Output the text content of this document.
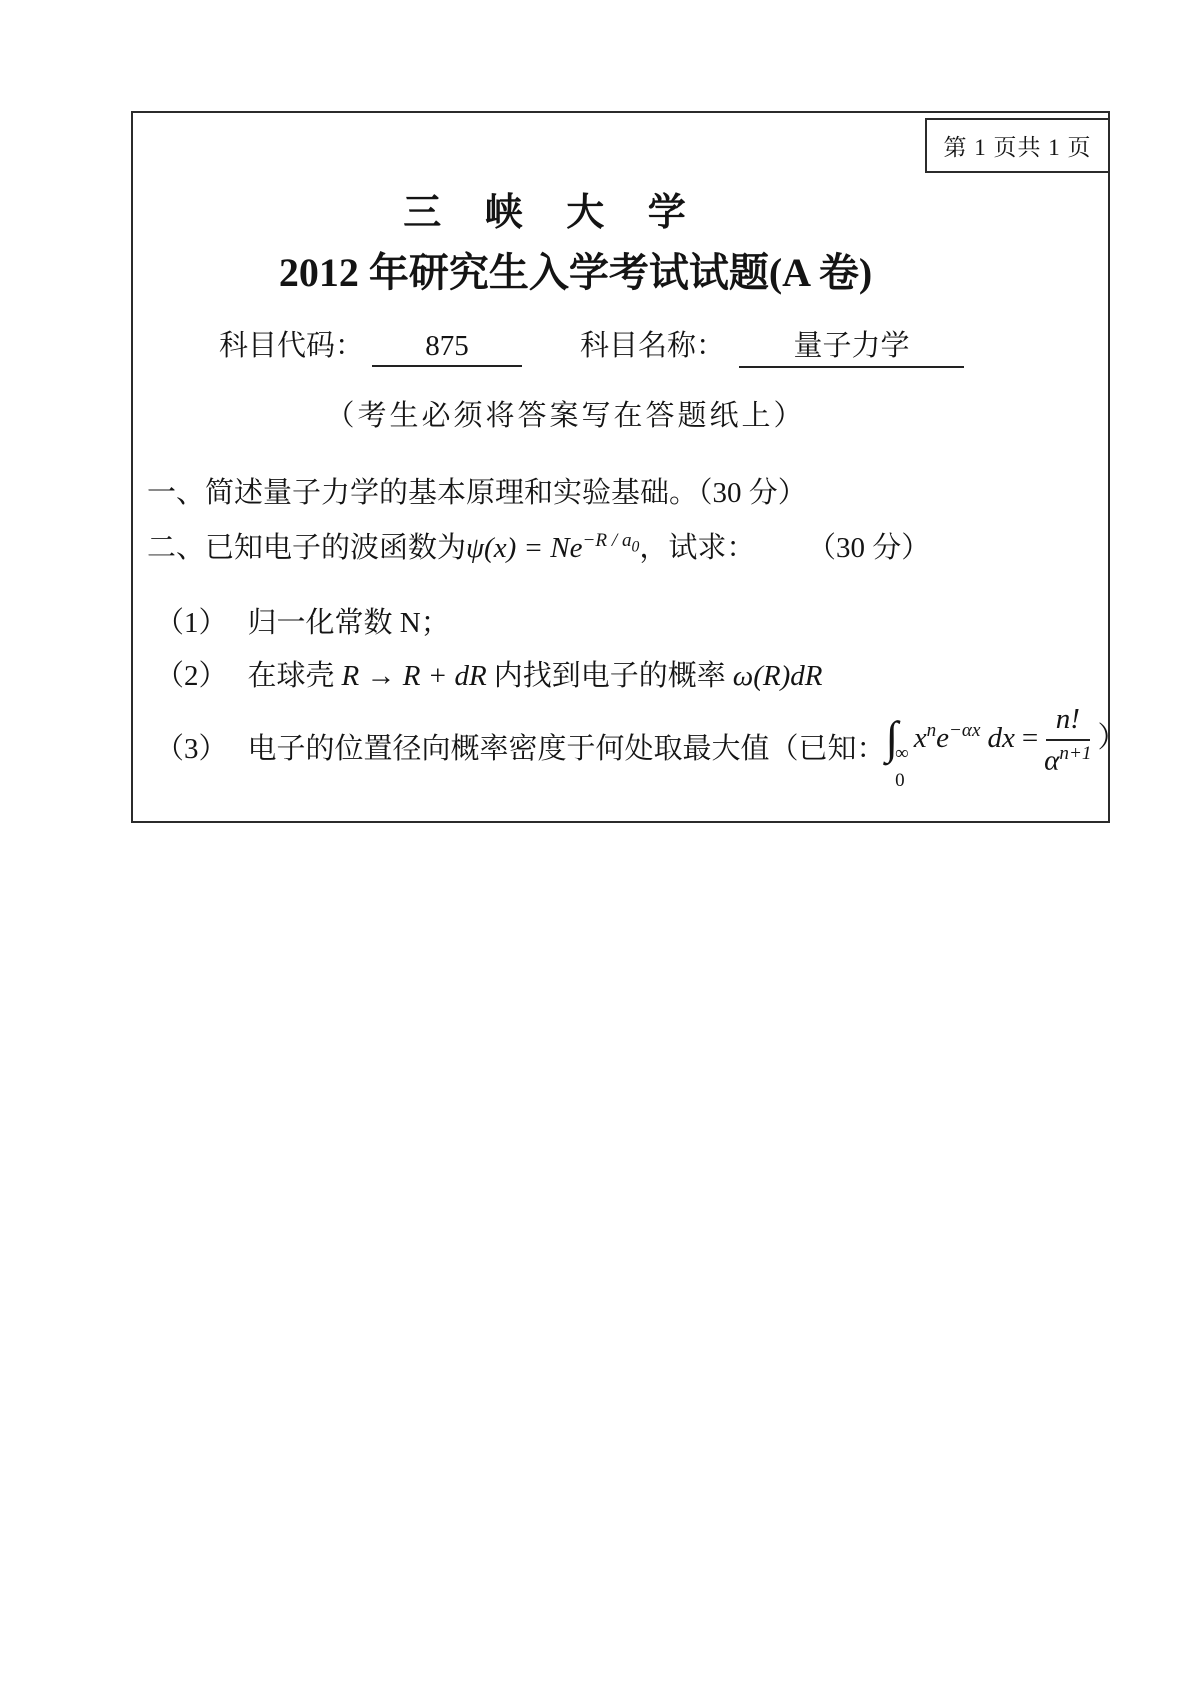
第 1 页共 1 页
三 峡 大 学
2012 年研究生入学考试试题(A 卷)
科目代码：	875	科目名称：	量子力学
（考生必须将答案写在答题纸上）
一、简述量子力学的基本原理和实验基础。（30 分）
二、已知电子的波函数为$\psi(x) = Ne^{-R / a_0}$，试求： （30 分）
（1） 归一化常数 N；
（2） 在球壳 R → R + dR 内找到电子的概率 ω(R)dR
（3） 电子的位置径向概率密度于何处取最大值（已知： ∫
∞
0
$x^ne^{-\alpha x}$ dx = $\frac{n!}{\alpha^{n+1}}$ ）
